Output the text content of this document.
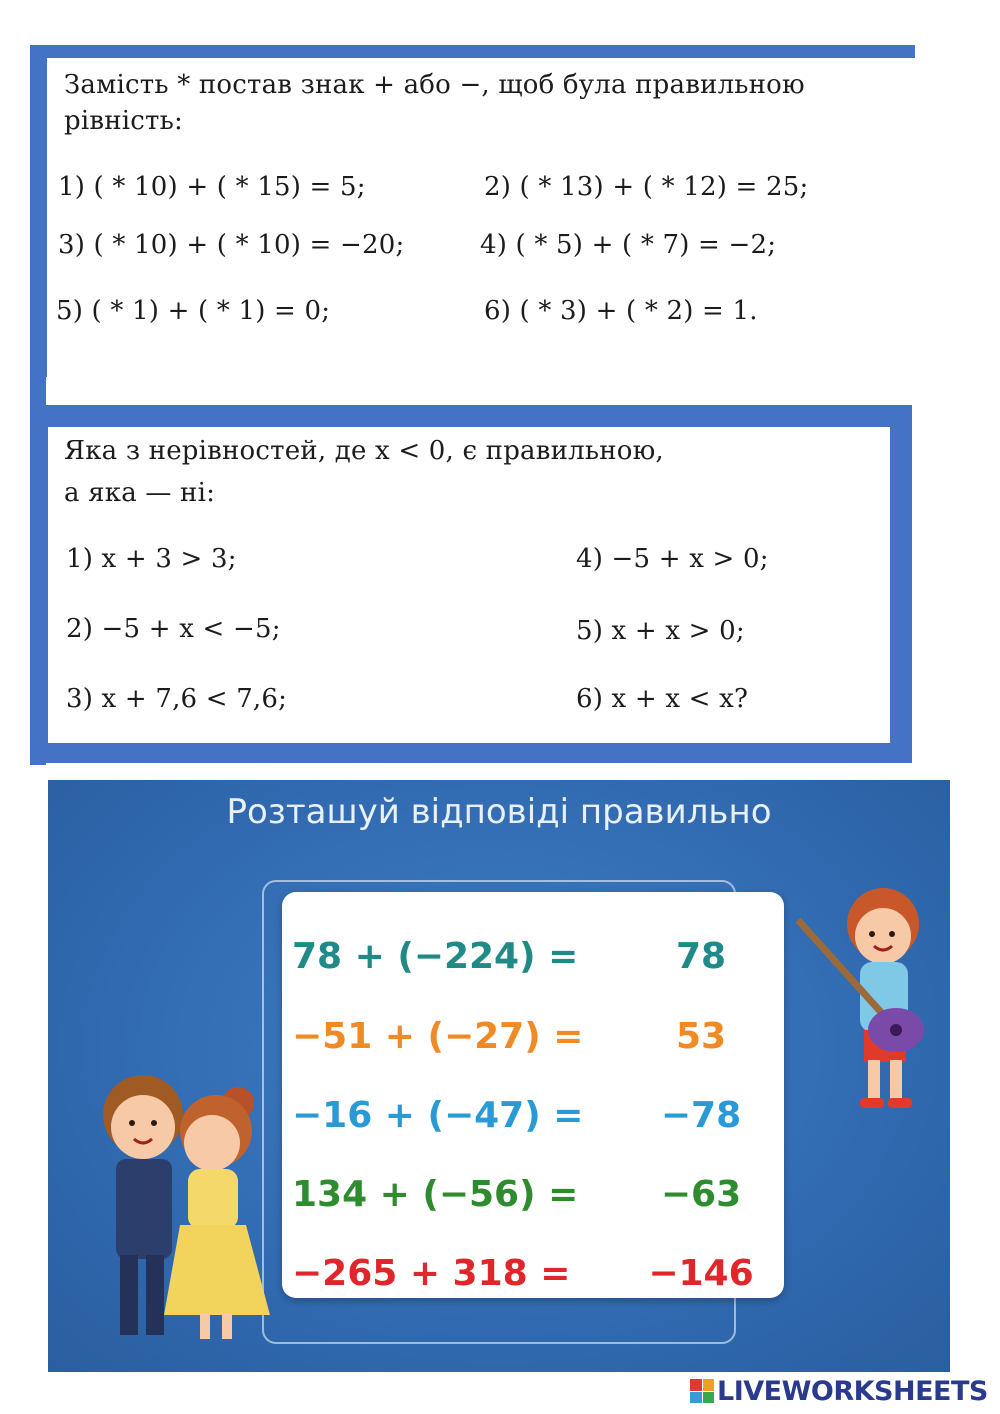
Замість * постав знак + або −, щоб була правильною
рівність:
1) ( * 10) + ( * 15) = 5;	2) ( * 13) + ( * 12) = 25;
3) ( * 10) + ( * 10) = −20;	4) ( * 5) + ( * 7) = −2;
5) ( * 1) + ( * 1) = 0;	6) ( * 3) + ( * 2) = 1.
Яка з нерівностей, де x < 0, є правильною,
а яка — ні:
1) x + 3 > 3;	4) −5 + x > 0;
2) −5 + x < −5;	5) x + x > 0;
3) x + 7,6 < 7,6;	6) x + x < x?
Розташуй відповіді правильно
78 + (−224) =	78
−51 + (−27) =	53
−16 + (−47) =	−78
134 + (−56) =	−63
−265 + 318 =	−146
LIVEWORKSHEETS
